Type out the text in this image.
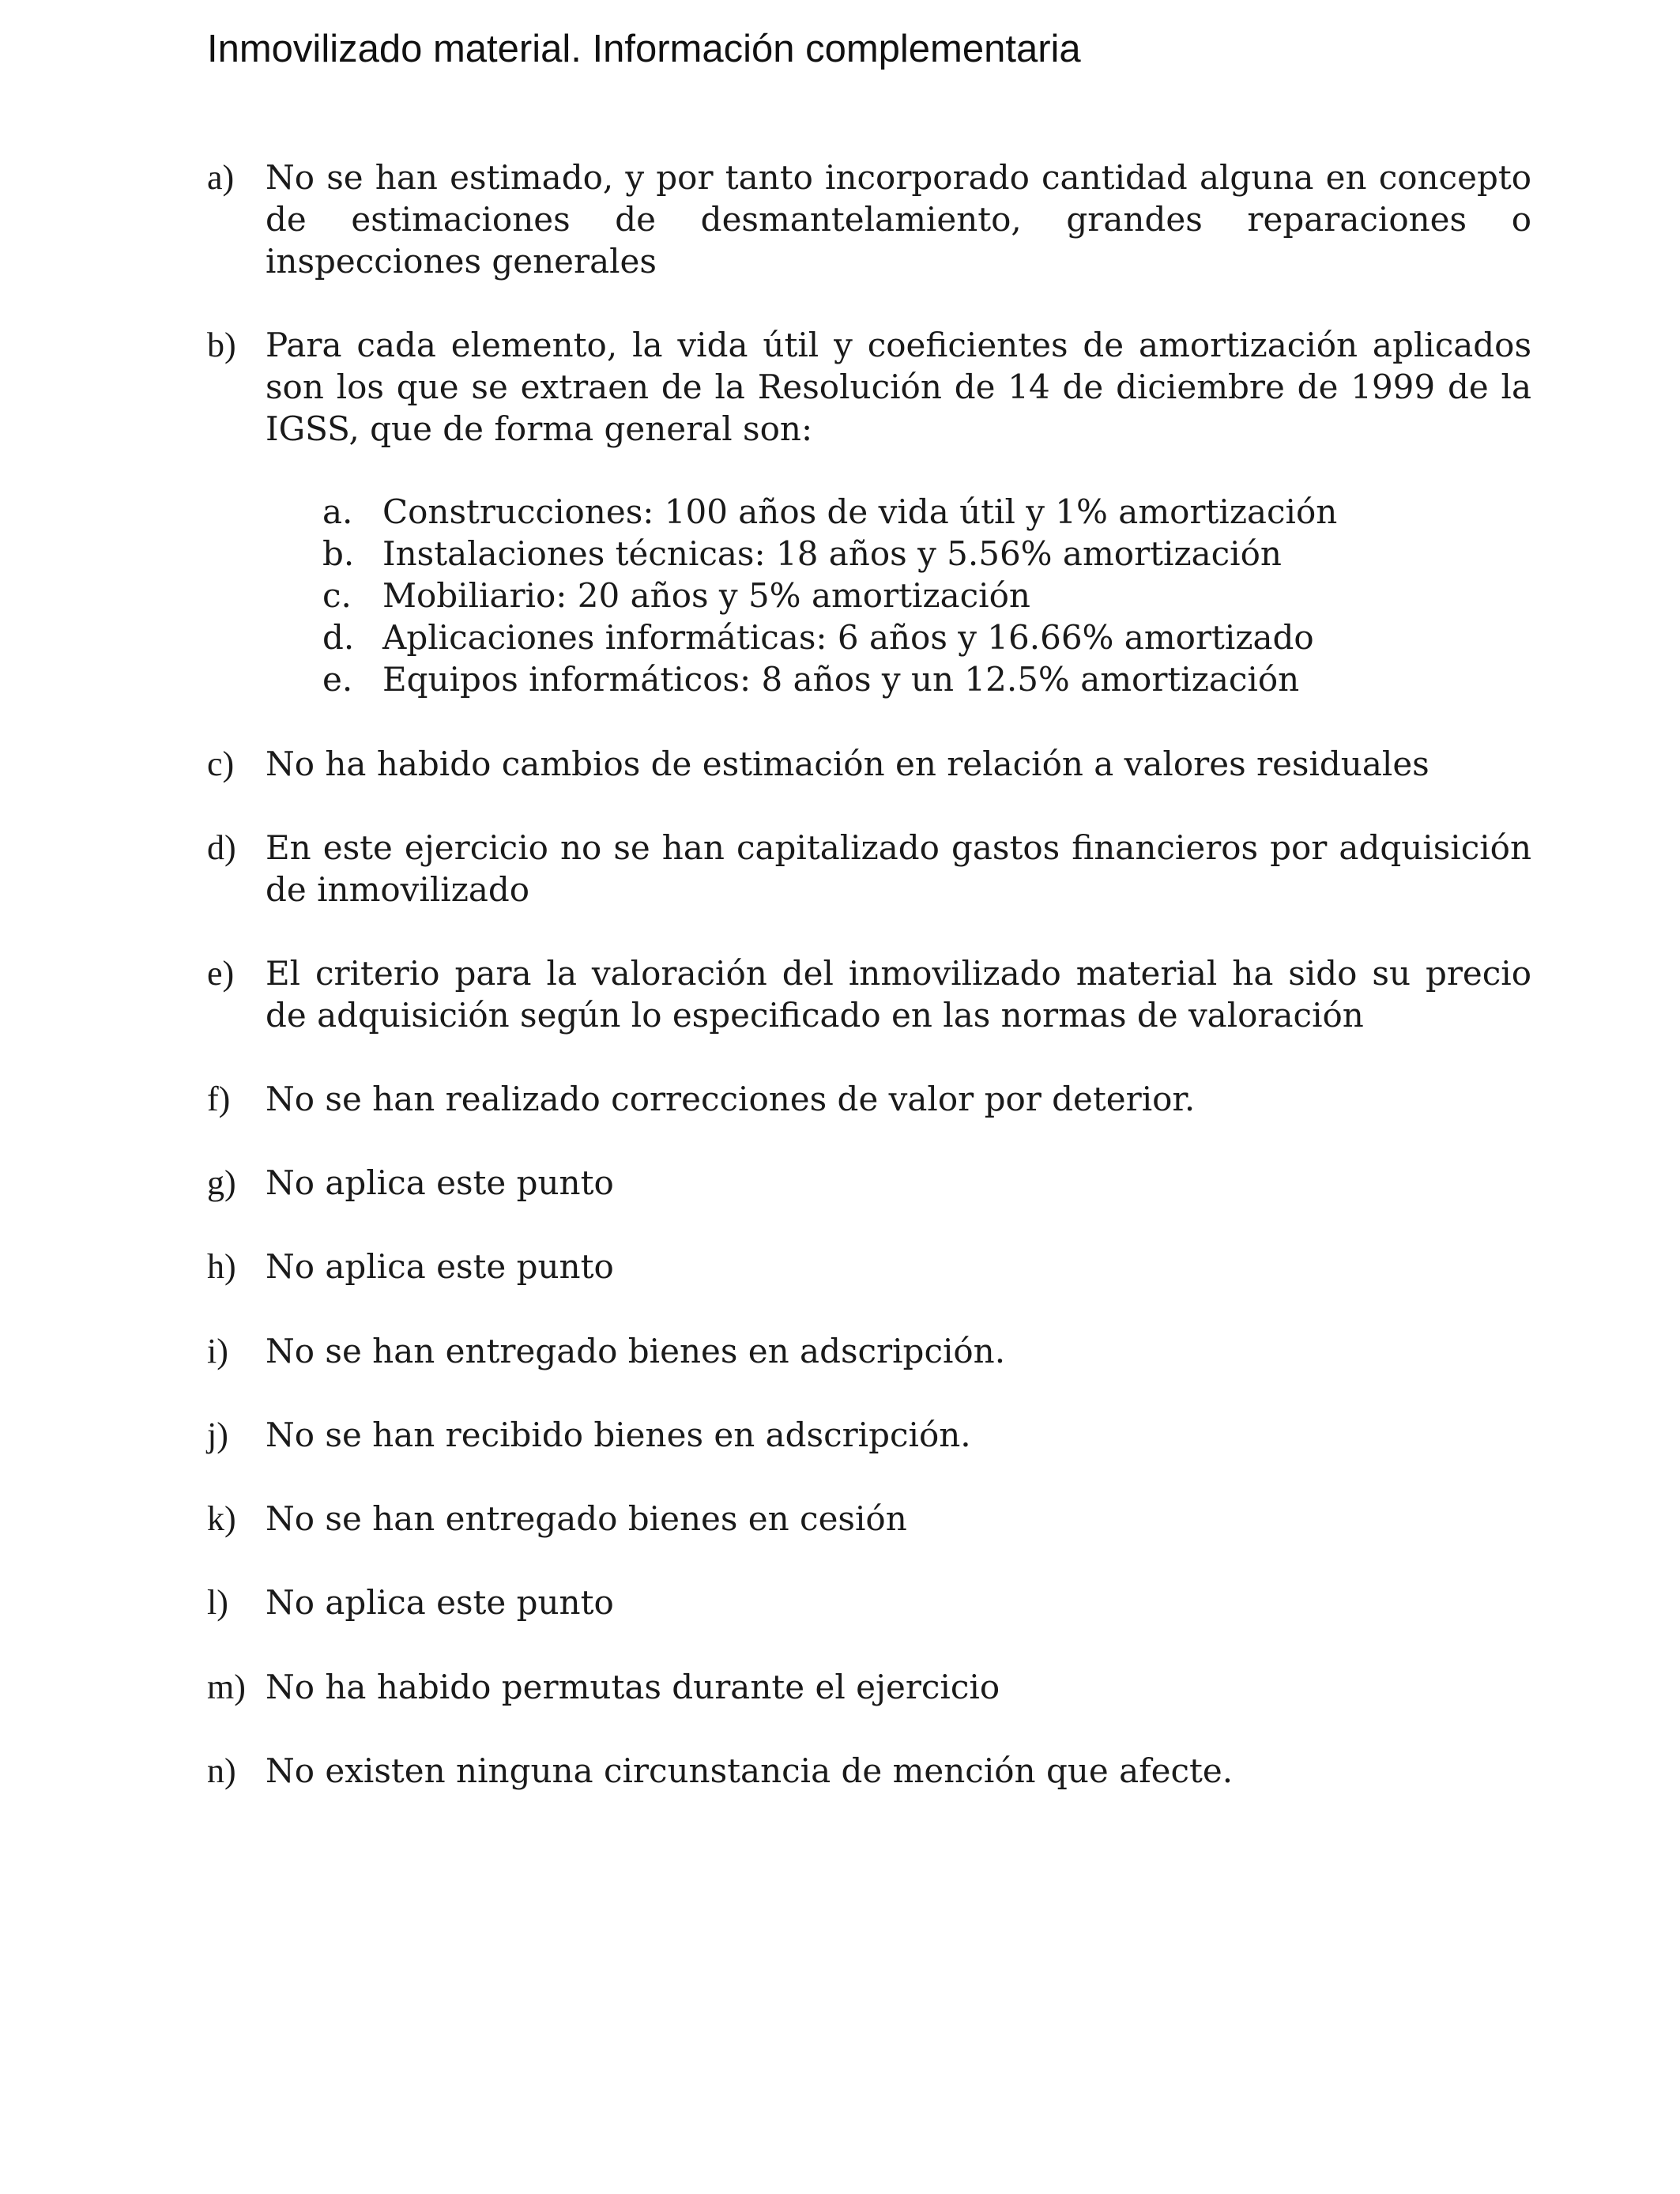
Inmovilizado material. Información complementaria
a) No se han estimado, y por tanto incorporado cantidad alguna en concepto de estimaciones de desmantelamiento, grandes reparaciones o inspecciones generales
b) Para cada elemento, la vida útil y coeficientes de amortización aplicados son los que se extraen de la Resolución de 14 de diciembre de 1999 de la IGSS, que de forma general son:
a. Construcciones: 100 años de vida útil y 1% amortización
b. Instalaciones técnicas: 18 años y 5.56% amortización
c. Mobiliario: 20 años y 5% amortización
d. Aplicaciones informáticas: 6 años y 16.66% amortizado
e. Equipos informáticos: 8 años y un 12.5% amortización
c) No ha habido cambios de estimación en relación a valores residuales
d) En este ejercicio no se han capitalizado gastos financieros por adquisición de inmovilizado
e) El criterio para la valoración del inmovilizado material ha sido su precio de adquisición según lo especificado en las normas de valoración
f) No se han realizado correcciones de valor por deterior.
g) No aplica este punto
h) No aplica este punto
i) No se han entregado bienes en adscripción.
j) No se han recibido bienes en adscripción.
k) No se han entregado bienes en cesión
l) No aplica este punto
m) No ha habido permutas durante el ejercicio
n) No existen ninguna circunstancia de mención que afecte.
